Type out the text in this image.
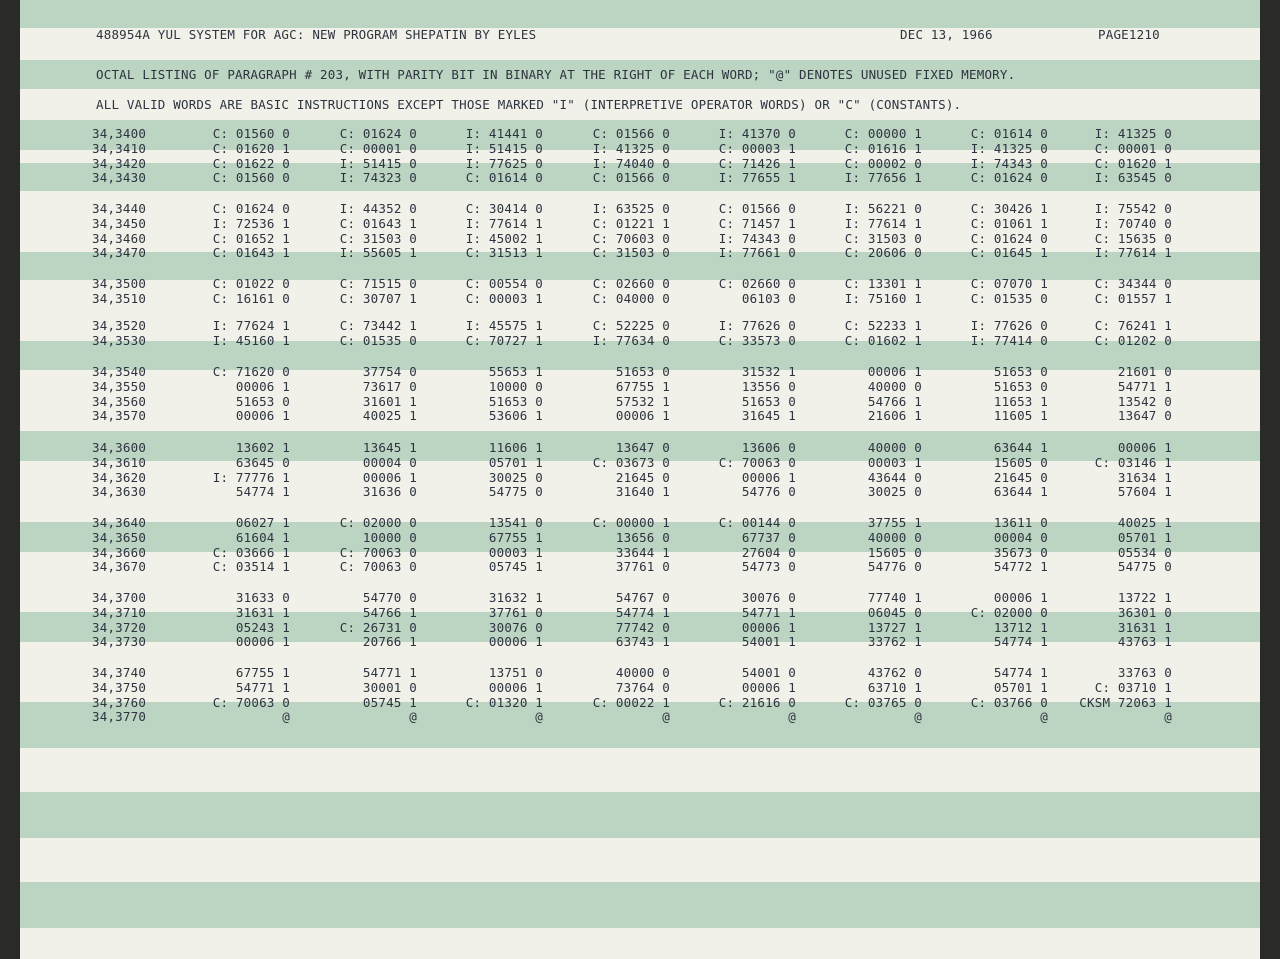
488954A YUL SYSTEM FOR AGC: NEW PROGRAM SHEPATIN BY EYLES	DEC 13, 1966	PAGE1210
OCTAL LISTING OF PARAGRAPH # 203, WITH PARITY BIT IN BINARY AT THE RIGHT OF EACH WORD; "@" DENOTES UNUSED FIXED MEMORY.
ALL VALID WORDS ARE BASIC INSTRUCTIONS EXCEPT THOSE MARKED "I" (INTERPRETIVE OPERATOR WORDS) OR "C" (CONSTANTS).
34,3400	C: 01560 0	C: 01624 0	I: 41441 0	C: 01566 0	I: 41370 0	C: 00000 1	C: 01614 0	I: 41325 0
34,3410	C: 01620 1	C: 00001 0	I: 51415 0	I: 41325 0	C: 00003 1	C: 01616 1	I: 41325 0	C: 00001 0
34,3420	C: 01622 0	I: 51415 0	I: 77625 0	I: 74040 0	C: 71426 1	C: 00002 0	I: 74343 0	C: 01620 1
34,3430	C: 01560 0	I: 74323 0	C: 01614 0	C: 01566 0	I: 77655 1	I: 77656 1	C: 01624 0	I: 63545 0
34,3440	C: 01624 0	I: 44352 0	C: 30414 0	I: 63525 0	C: 01566 0	I: 56221 0	C: 30426 1	I: 75542 0
34,3450	I: 72536 1	C: 01643 1	I: 77614 1	C: 01221 1	C: 71457 1	I: 77614 1	C: 01061 1	I: 70740 0
34,3460	C: 01652 1	C: 31503 0	I: 45002 1	C: 70603 0	I: 74343 0	C: 31503 0	C: 01624 0	C: 15635 0
34,3470	C: 01643 1	I: 55605 1	C: 31513 1	C: 31503 0	I: 77661 0	C: 20606 0	C: 01645 1	I: 77614 1
34,3500	C: 01022 0	C: 71515 0	C: 00554 0	C: 02660 0	C: 02660 0	C: 13301 1	C: 07070 1	C: 34344 0
34,3510	C: 16161 0	C: 30707 1	C: 00003 1	C: 04000 0	06103 0	I: 75160 1	C: 01535 0	C: 01557 1
34,3520	I: 77624 1	C: 73442 1	I: 45575 1	C: 52225 0	I: 77626 0	C: 52233 1	I: 77626 0	C: 76241 1
34,3530	I: 45160 1	C: 01535 0	C: 70727 1	I: 77634 0	C: 33573 0	C: 01602 1	I: 77414 0	C: 01202 0
34,3540	C: 71620 0	37754 0	55653 1	51653 0	31532 1	00006 1	51653 0	21601 0
34,3550	00006 1	73617 0	10000 0	67755 1	13556 0	40000 0	51653 0	54771 1
34,3560	51653 0	31601 1	51653 0	57532 1	51653 0	54766 1	11653 1	13542 0
34,3570	00006 1	40025 1	53606 1	00006 1	31645 1	21606 1	11605 1	13647 0
34,3600	13602 1	13645 1	11606 1	13647 0	13606 0	40000 0	63644 1	00006 1
34,3610	63645 0	00004 0	05701 1	C: 03673 0	C: 70063 0	00003 1	15605 0	C: 03146 1
34,3620	I: 77776 1	00006 1	30025 0	21645 0	00006 1	43644 0	21645 0	31634 1
34,3630	54774 1	31636 0	54775 0	31640 1	54776 0	30025 0	63644 1	57604 1
34,3640	06027 1	C: 02000 0	13541 0	C: 00000 1	C: 00144 0	37755 1	13611 0	40025 1
34,3650	61604 1	10000 0	67755 1	13656 0	67737 0	40000 0	00004 0	05701 1
34,3660	C: 03666 1	C: 70063 0	00003 1	33644 1	27604 0	15605 0	35673 0	05534 0
34,3670	C: 03514 1	C: 70063 0	05745 1	37761 0	54773 0	54776 0	54772 1	54775 0
34,3700	31633 0	54770 0	31632 1	54767 0	30076 0	77740 1	00006 1	13722 1
34,3710	31631 1	54766 1	37761 0	54774 1	54771 1	06045 0	C: 02000 0	36301 0
34,3720	05243 1	C: 26731 0	30076 0	77742 0	00006 1	13727 1	13712 1	31631 1
34,3730	00006 1	20766 1	00006 1	63743 1	54001 1	33762 1	54774 1	43763 1
34,3740	67755 1	54771 1	13751 0	40000 0	54001 0	43762 0	54774 1	33763 0
34,3750	54771 1	30001 0	00006 1	73764 0	00006 1	63710 1	05701 1	C: 03710 1
34,3760	C: 70063 0	05745 1	C: 01320 1	C: 00022 1	C: 21616 0	C: 03765 0	C: 03766 0	CKSM 72063 1
34,3770	@	@	@	@	@	@	@	@
